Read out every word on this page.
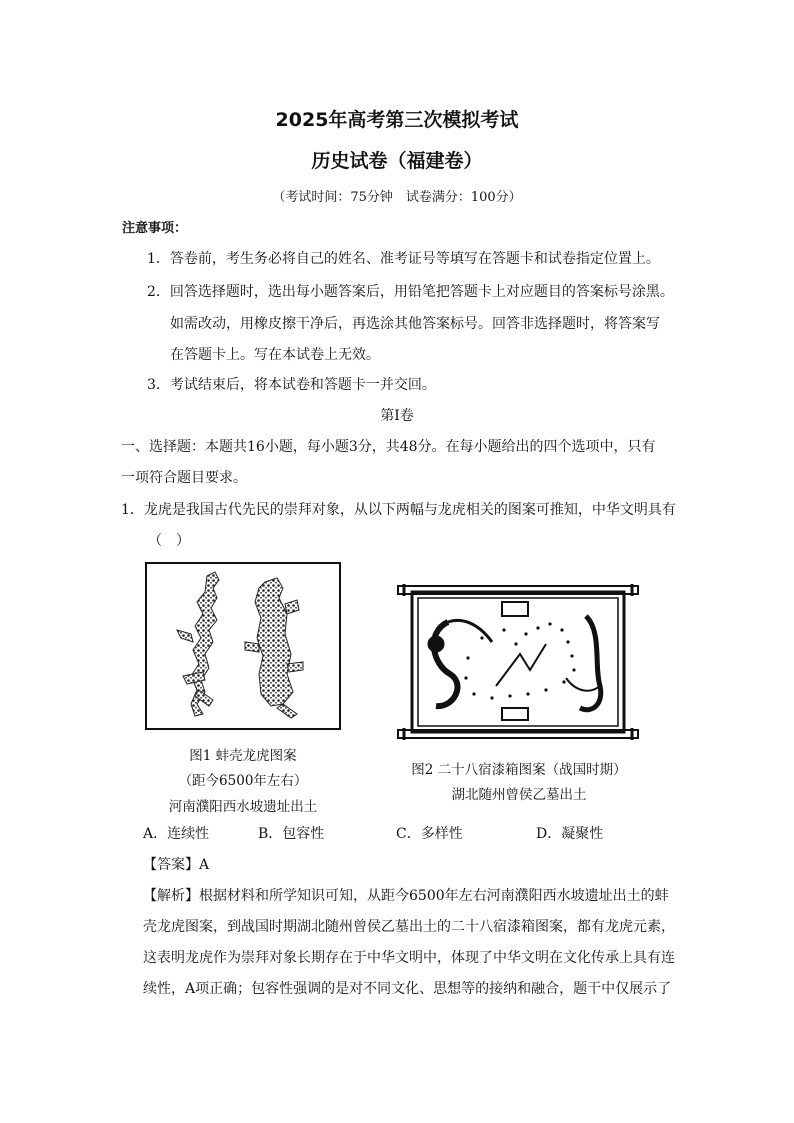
2025年高考第三次模拟考试
历史试卷（福建卷）
（考试时间：75分钟　试卷满分：100分）
注意事项：
1．答卷前，考生务必将自己的姓名、准考证号等填写在答题卡和试卷指定位置上。
2．回答选择题时，选出每小题答案后，用铅笔把答题卡上对应题目的答案标号涂黑。
如需改动，用橡皮擦干净后，再选涂其他答案标号。回答非选择题时，将答案写
在答题卡上。写在本试卷上无效。
3．考试结束后，将本试卷和答题卡一并交回。
第Ⅰ卷
一、选择题：本题共16小题，每小题3分，共48分。在每小题给出的四个选项中，只有
一项符合题目要求。
1．龙虎是我国古代先民的崇拜对象，从以下两幅与龙虎相关的图案可推知，中华文明具有
（　）
图1 蚌壳龙虎图案
（距今6500年左右）
河南濮阳西水坡遗址出土
图2 二十八宿漆箱图案（战国时期）
湖北随州曾侯乙墓出土
A．连续性	B．包容性	C．多样性	D．凝聚性
【答案】A
【解析】根据材料和所学知识可知，从距今6500年左右河南濮阳西水坡遗址出土的蚌
壳龙虎图案，到战国时期湖北随州曾侯乙墓出土的二十八宿漆箱图案，都有龙虎元素，
这表明龙虎作为崇拜对象长期存在于中华文明中，体现了中华文明在文化传承上具有连
续性，A项正确；包容性强调的是对不同文化、思想等的接纳和融合，题干中仅展示了
